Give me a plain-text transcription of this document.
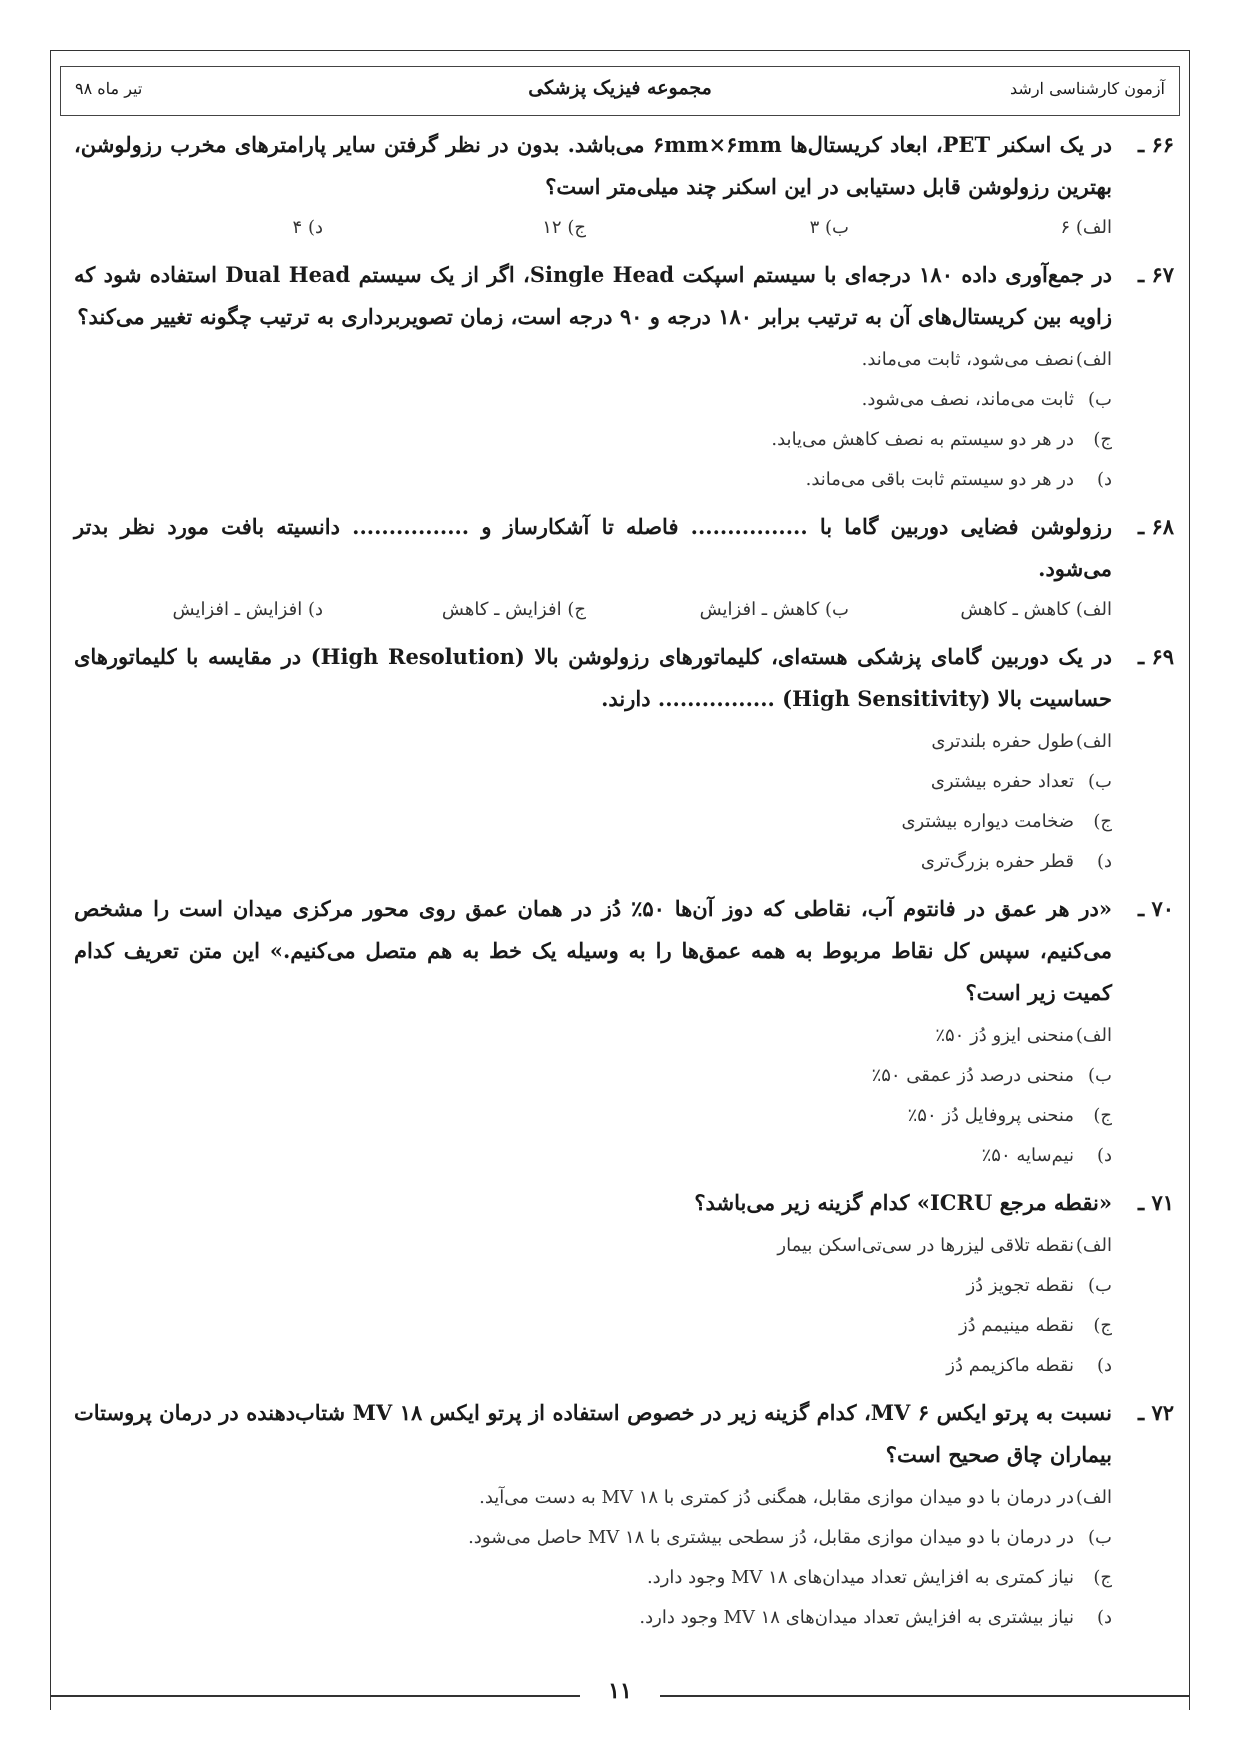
آزمون کارشناسی ارشد
مجموعه فیزیک پزشکی
تیر ماه ۹۸
۶۶ ـ
در یک اسکنر PET، ابعاد کریستال‌ها ۶mm×۶mm می‌باشد. بدون در نظر گرفتن سایر پارامترهای مخرب رزولوشن، بهترین رزولوشن قابل دستیابی در این اسکنر چند میلی‌متر است؟
الف) ۶
ب) ۳
ج) ۱۲
د) ۴
۶۷ ـ
در جمع‌آوری داده ۱۸۰ درجه‌ای با سیستم اسپکت Single Head، اگر از یک سیستم Dual Head استفاده شود که زاویه بین کریستال‌های آن به ترتیب برابر ۱۸۰ درجه و ۹۰ درجه است، زمان تصویربرداری به ترتیب چگونه تغییر می‌کند؟
الف)نصف می‌شود، ثابت می‌ماند.
ب)ثابت می‌ماند، نصف می‌شود.
ج)در هر دو سیستم به نصف کاهش می‌یابد.
د)در هر دو سیستم ثابت باقی می‌ماند.
۶۸ ـ
رزولوشن فضایی دوربین گاما با ................ فاصله تا آشکارساز و ................ دانسیته بافت مورد نظر بدتر می‌شود.
الف) کاهش ـ کاهش
ب) کاهش ـ افزایش
ج) افزایش ـ کاهش
د) افزایش ـ افزایش
۶۹ ـ
در یک دوربین گامای پزشکی هسته‌ای، کلیماتورهای رزولوشن بالا (High Resolution) در مقایسه با کلیماتورهای حساسیت بالا (High Sensitivity) ................ دارند.
الف)طول حفره بلندتری
ب)تعداد حفره بیشتری
ج)ضخامت دیواره بیشتری
د)قطر حفره بزرگ‌تری
۷۰ ـ
«در هر عمق در فانتوم آب، نقاطی که دوز آن‌ها ۵۰٪ دُز در همان عمق روی محور مرکزی میدان است را مشخص می‌کنیم، سپس کل نقاط مربوط به همه عمق‌ها را به وسیله یک خط به هم متصل می‌کنیم.» این متن تعریف کدام کمیت زیر است؟
الف)منحنی ایزو دُز ۵۰٪
ب)منحنی درصد دُز عمقی ۵۰٪
ج)منحنی پروفایل دُز ۵۰٪
د)نیم‌سایه ۵۰٪
۷۱ ـ
«نقطه مرجع ICRU» کدام گزینه زیر می‌باشد؟
الف)نقطه تلاقی لیزرها در سی‌تی‌اسکن بیمار
ب)نقطه تجویز دُز
ج)نقطه مینیمم دُز
د)نقطه ماکزیمم دُز
۷۲ ـ
نسبت به پرتو ایکس ۶ MV، کدام گزینه زیر در خصوص استفاده از پرتو ایکس MV ۱۸ شتاب‌دهنده در درمان پروستات بیماران چاق صحیح است؟
الف)در درمان با دو میدان موازی مقابل، همگنی دُز کمتری با ۱۸ MV به دست می‌آید.
ب)در درمان با دو میدان موازی مقابل، دُز سطحی بیشتری با ۱۸ MV حاصل می‌شود.
ج)نیاز کمتری به افزایش تعداد میدان‌های ۱۸ MV وجود دارد.
د)نیاز بیشتری به افزایش تعداد میدان‌های ۱۸ MV وجود دارد.
۱۱
